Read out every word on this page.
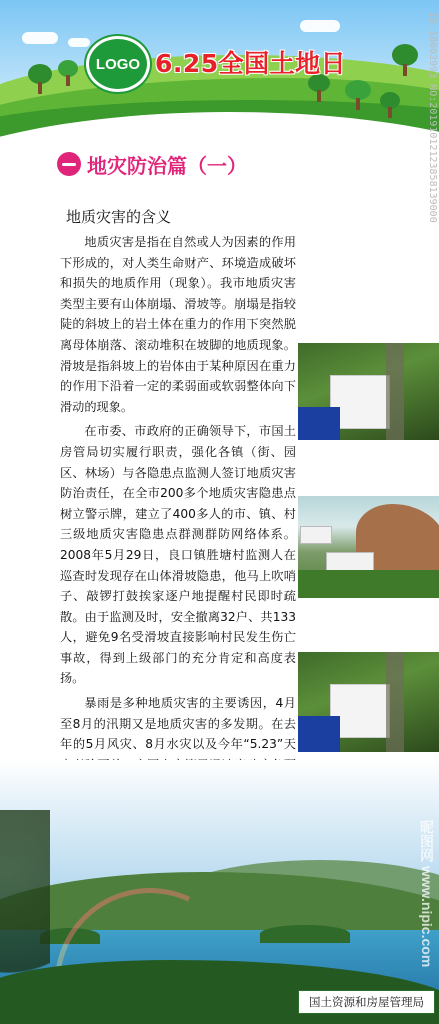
LOGO 6.25全国土地日	ID:18003993 NO:20191012123858139000
地灾防治篇（一）
地质灾害的含义

地质灾害是指在自然或人为因素的作用下形成的，对人类生命财产、环境造成破坏和损失的地质作用（现象）。我市地质灾害类型主要有山体崩塌、滑坡等。崩塌是指较陡的斜坡上的岩土体在重力的作用下突然脱离母体崩落、滚动堆积在坡脚的地质现象。滑坡是指斜坡上的岩体由于某种原因在重力的作用下沿着一定的柔弱面或软弱整体向下滑动的现象。

在市委、市政府的正确领导下，市国土房管局切实履行职责，强化各镇（街、园区、林场）与各隐患点监测人签订地质灾害防治责任，在全市200多个地质灾害隐患点树立警示牌，建立了400多人的市、镇、村三级地质灾害隐患点群测群防网络体系。2008年5月29日，良口镇胜塘村监测人在巡查时发现存在山体滑坡隐患，他马上吹哨子、敲锣打鼓挨家逐户地提醒村民即时疏散。由于监测及时，安全撤离32户、共133人，避免9名受滑坡直接影响村民发生伤亡事故，得到上级部门的充分肯定和高度表扬。

暴雨是多种地质灾害的主要诱因，4月至8月的汛期又是地质灾害的多发期。在去年的5月风灾、8月水灾以及今年“5.23”天

昵图网 www.nipic.com
国土资源和房屋管理局
